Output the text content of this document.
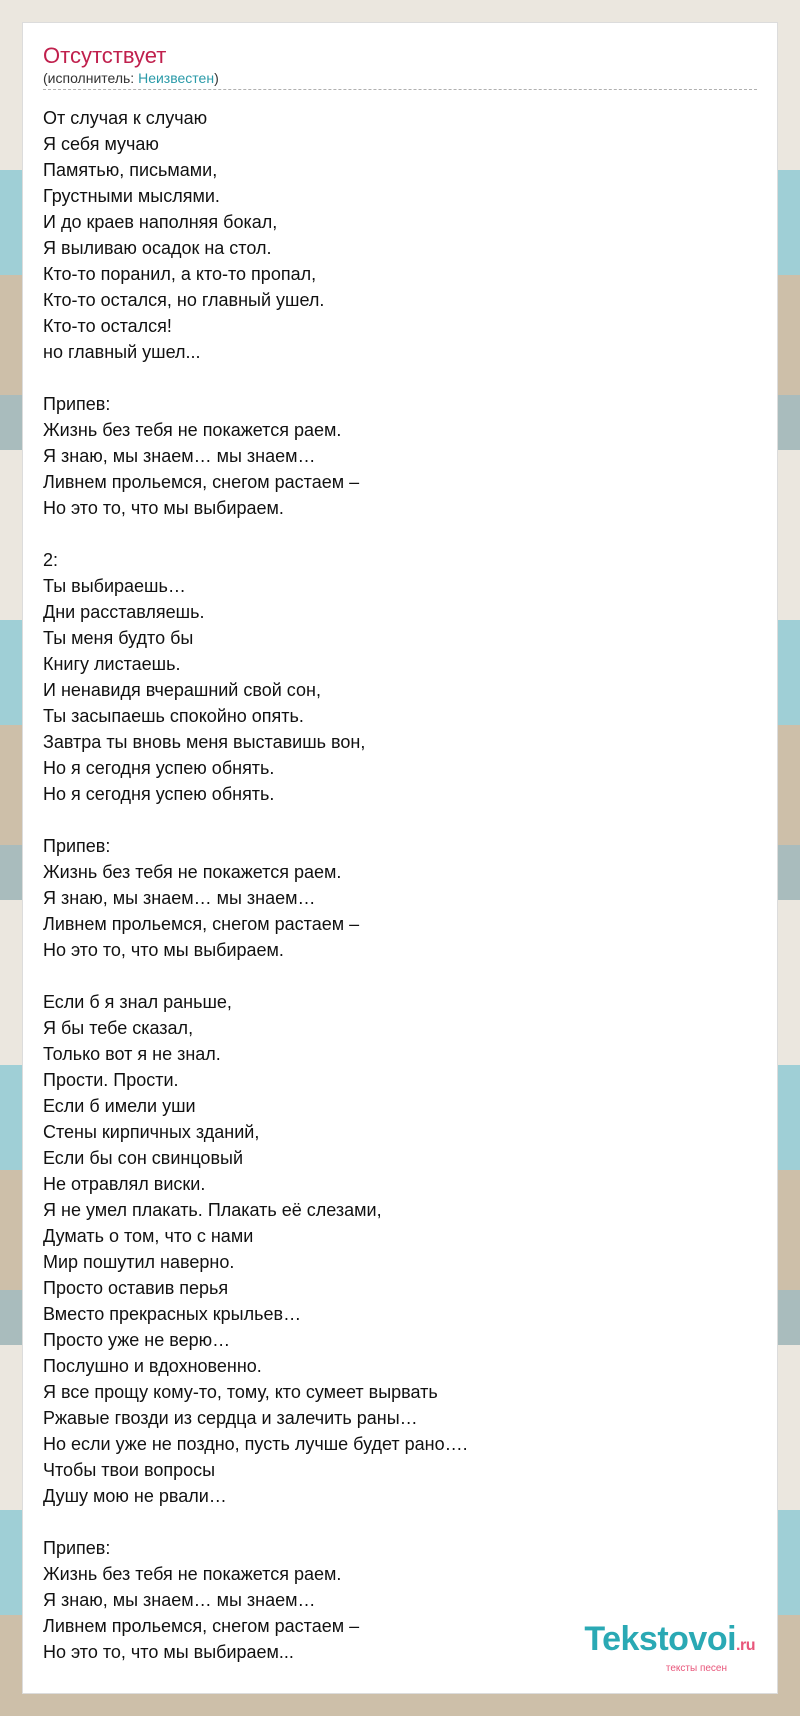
Отсутствует
(исполнитель: Неизвестен)
От случая к случаю
Я себя мучаю
Памятью, письмами,
Грустными мыслями.
И до краев наполняя бокал,
Я выливаю осадок на стол.
Кто-то поранил, а кто-то пропал,
Кто-то остался, но главный ушел.
Кто-то остался!
но главный ушел...
Припев:
Жизнь без тебя не покажется раем.
Я знаю, мы знаем… мы знаем…
Ливнем прольемся, снегом растаем –
Но это то, что мы выбираем.
2:
Ты выбираешь…
Дни расставляешь.
Ты меня будто бы
Книгу листаешь.
И ненавидя вчерашний свой сон,
Ты засыпаешь спокойно опять.
Завтра ты вновь меня выставишь вон,
Но я сегодня успею обнять.
Но я сегодня успею обнять.
Припев:
Жизнь без тебя не покажется раем.
Я знаю, мы знаем… мы знаем…
Ливнем прольемся, снегом растаем –
Но это то, что мы выбираем.
Если б я знал раньше,
Я бы тебе сказал,
Только вот я не знал.
Прости. Прости.
Если б имели уши
Стены кирпичных зданий,
Если бы сон свинцовый
Не отравлял виски.
Я не умел плакать. Плакать её слезами,
Думать о том, что с нами
Мир пошутил наверно.
Просто оставив перья
Вместо прекрасных крыльев…
Просто уже не верю…
Послушно и вдохновенно.
Я все прощу кому-то, тому, кто сумеет вырвать
Ржавые гвозди из сердца и залечить раны…
Но если уже не поздно, пусть лучше будет рано….
Чтобы твои вопросы
Душу мою не рвали…
Припев:
Жизнь без тебя не покажется раем.
Я знаю, мы знаем… мы знаем…
Ливнем прольемся, снегом растаем –
Но это то, что мы выбираем...	Tekstovoi.ru
тексты песен
